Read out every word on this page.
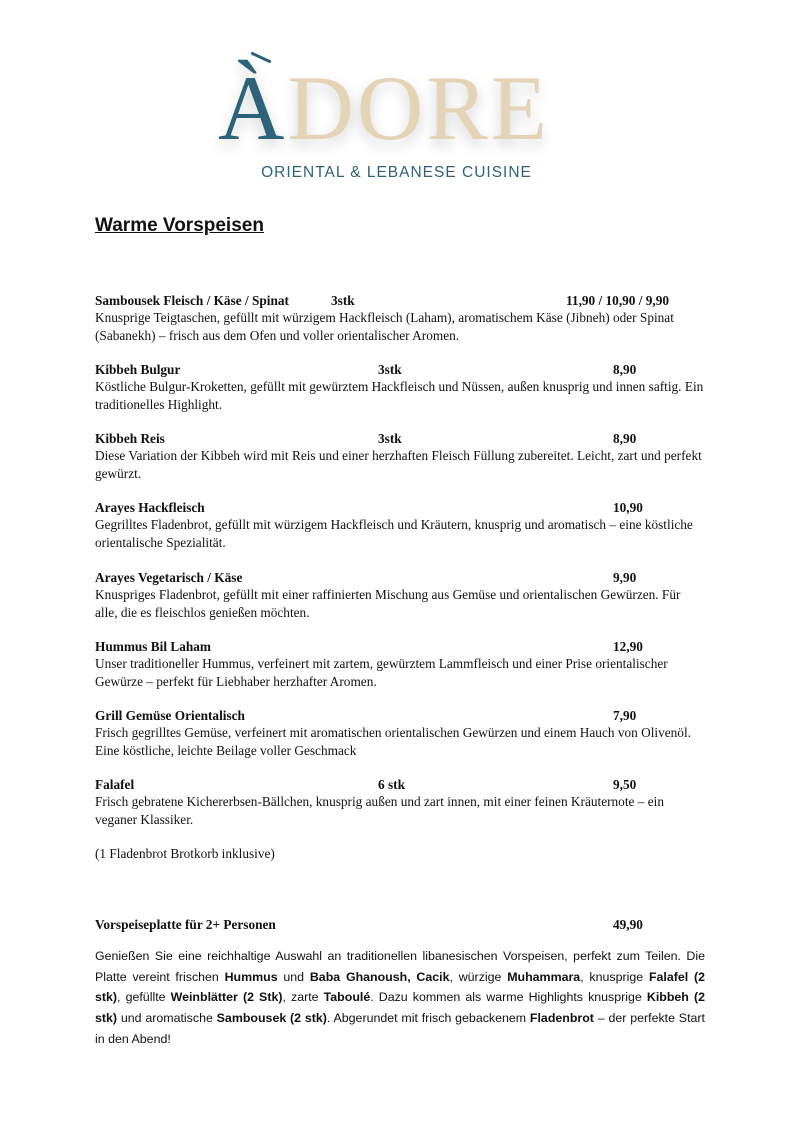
ÀDORE
ORIENTAL & LEBANESE CUISINE
Warme Vorspeisen
Sambousek Fleisch / Käse / Spinat	3stk	11,90 / 10,90 / 9,90

Knusprige Teigtaschen, gefüllt mit würzigem Hackfleisch (Laham), aromatischem Käse (Jibneh) oder Spinat (Sabanekh) – frisch aus dem Ofen und voller orientalischer Aromen.

Kibbeh Bulgur	3stk	8,90

Köstliche Bulgur-Kroketten, gefüllt mit gewürztem Hackfleisch und Nüssen, außen knusprig und innen saftig. Ein traditionelles Highlight.

Kibbeh Reis	3stk	8,90

Diese Variation der Kibbeh wird mit Reis und einer herzhaften Fleisch Füllung zubereitet. Leicht, zart und perfekt gewürzt.

Arayes Hackfleisch	10,90

Gegrilltes Fladenbrot, gefüllt mit würzigem Hackfleisch und Kräutern, knusprig und aromatisch – eine köstliche orientalische Spezialität.

Arayes Vegetarisch / Käse	9,90

Knuspriges Fladenbrot, gefüllt mit einer raffinierten Mischung aus Gemüse und orientalischen Gewürzen. Für alle, die es fleischlos genießen möchten.

Hummus Bil Laham	12,90

Unser traditioneller Hummus, verfeinert mit zartem, gewürztem Lammfleisch und einer Prise orientalischer Gewürze – perfekt für Liebhaber herzhafter Aromen.

Grill Gemüse Orientalisch	7,90

Frisch gegrilltes Gemüse, verfeinert mit aromatischen orientalischen Gewürzen und einem Hauch von Olivenöl. Eine köstliche, leichte Beilage voller Geschmack

Falafel	6 stk	9,50

Frisch gebratene Kichererbsen-Bällchen, knusprig außen und zart innen, mit einer feinen Kräuternote – ein veganer Klassiker.

(1 Fladenbrot Brotkorb inklusive)
Vorspeiseplatte für 2+ Personen	49,90

Genießen Sie eine reichhaltige Auswahl an traditionellen libanesischen Vorspeisen, perfekt zum Teilen. Die Platte vereint frischen Hummus und Baba Ghanoush, Cacik, würzige Muhammara, knusprige Falafel (2 stk), gefüllte Weinblätter (2 Stk), zarte Taboulé. Dazu kommen als warme Highlights knusprige Kibbeh (2 stk) und aromatische Sambousek (2 stk). Abgerundet mit frisch gebackenem Fladenbrot – der perfekte Start in den Abend!
